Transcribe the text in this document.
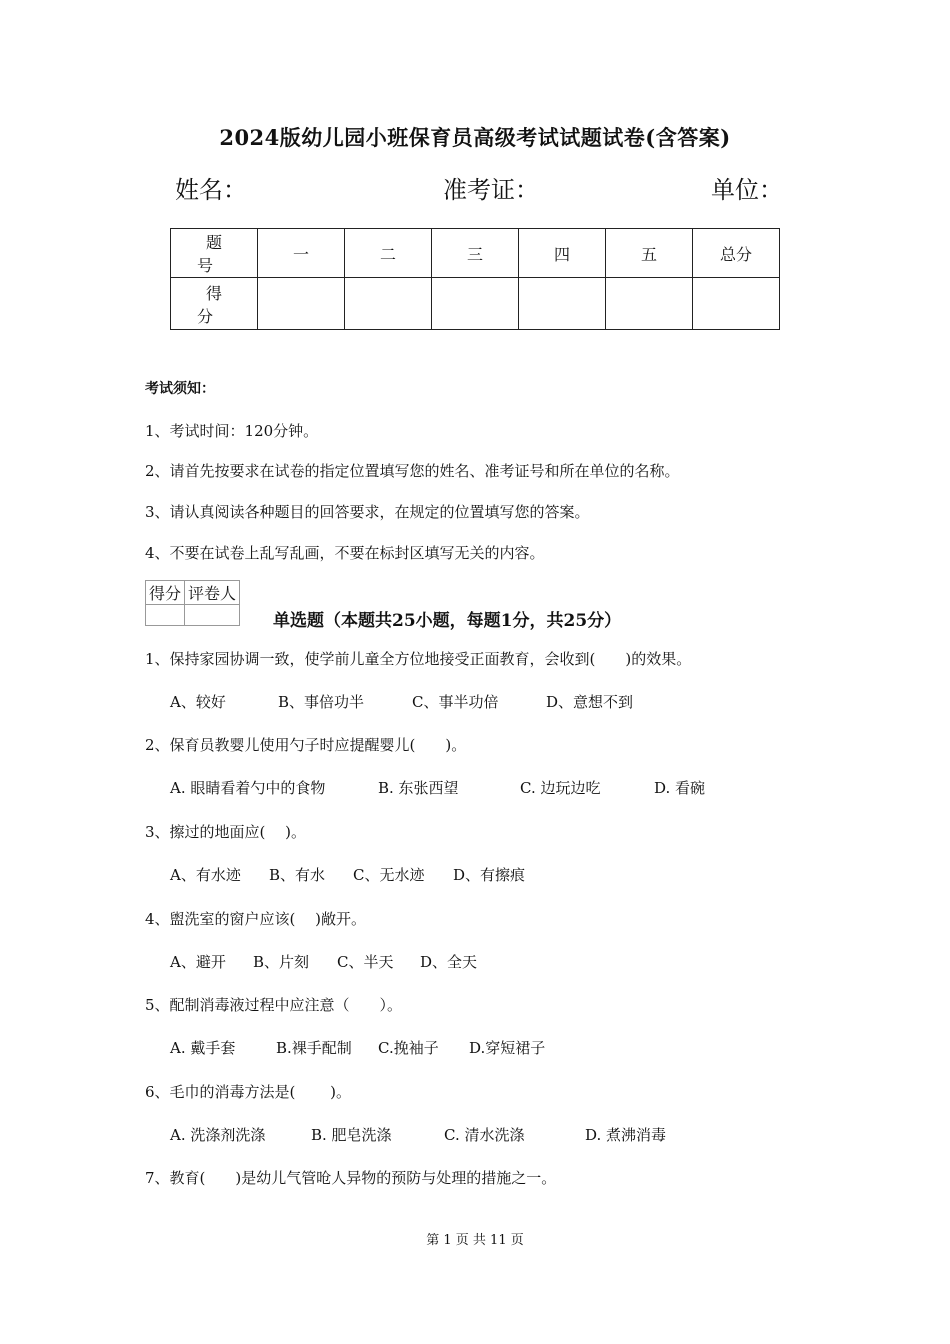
2024版幼儿园小班保育员高级考试试题试卷(含答案)
姓名：	准考证：	单位：
题 号	一	二	三	四	五	总分
得 分						
考试须知：
1、考试时间：120分钟。
2、请首先按要求在试卷的指定位置填写您的姓名、准考证号和所在单位的名称。
3、请认真阅读各种题目的回答要求，在规定的位置填写您的答案。
4、不要在试卷上乱写乱画，不要在标封区填写无关的内容。
得分	评卷人

单选题（本题共25小题，每题1分，共25分）
1、保持家园协调一致，使学前儿童全方位地接受正面教育，会收到(　　)的效果。
A、较好	B、事倍功半	C、事半功倍	D、意想不到
2、保育员教婴儿使用勺子时应提醒婴儿(　　)。
A. 眼睛看着勺中的食物	B. 东张西望	C. 边玩边吃	D. 看碗
3、擦过的地面应(　 )。
A、有水迹 B、有水 C、无水迹 D、有擦痕
4、盥洗室的窗户应该(　 )敞开。
A、避开 B、片刻 C、半天 D、全天
5、配制消毒液过程中应注意（　　）。
A. 戴手套	B.裸手配制 C.挽袖子 D.穿短裙子
6、毛巾的消毒方法是(　　 )。
A. 洗涤剂洗涤	B. 肥皂洗涤	C. 清水洗涤	D. 煮沸消毒
7、教育(　　)是幼儿气管呛人异物的预防与处理的措施之一。
第 1 页 共 11 页
